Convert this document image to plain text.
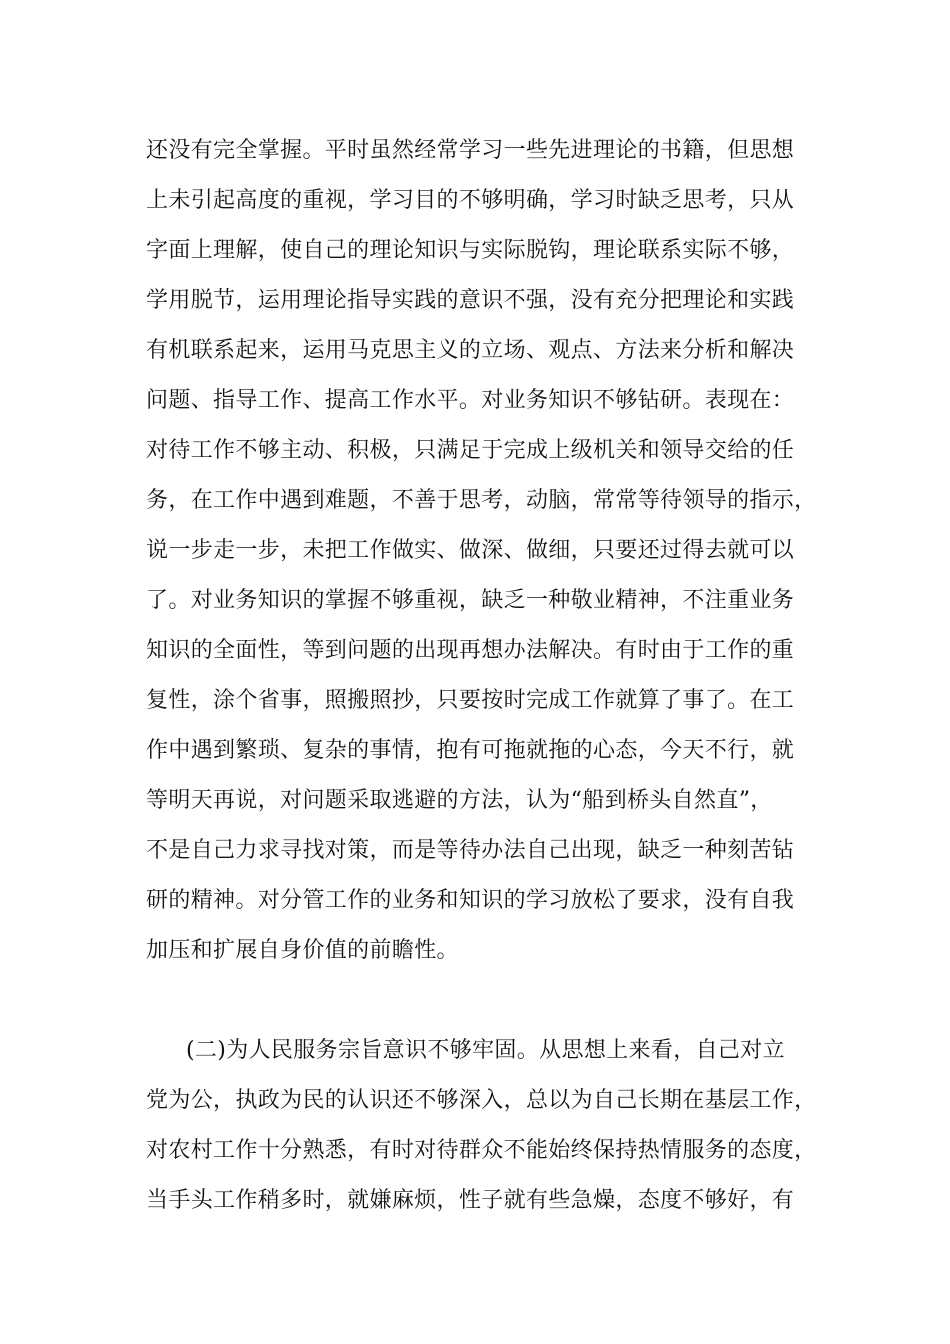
还没有完全掌握。平时虽然经常学习一些先进理论的书籍，但思想
上未引起高度的重视，学习目的不够明确，学习时缺乏思考，只从
字面上理解，使自己的理论知识与实际脱钩，理论联系实际不够，
学用脱节，运用理论指导实践的意识不强，没有充分把理论和实践
有机联系起来，运用马克思主义的立场、观点、方法来分析和解决
问题、指导工作、提高工作水平。对业务知识不够钻研。表现在：
对待工作不够主动、积极，只满足于完成上级机关和领导交给的任
务，在工作中遇到难题，不善于思考，动脑，常常等待领导的指示，
说一步走一步，未把工作做实、做深、做细，只要还过得去就可以
了。对业务知识的掌握不够重视，缺乏一种敬业精神，不注重业务
知识的全面性，等到问题的出现再想办法解决。有时由于工作的重
复性，涂个省事，照搬照抄，只要按时完成工作就算了事了。在工
作中遇到繁琐、复杂的事情，抱有可拖就拖的心态，今天不行，就
等明天再说，对问题采取逃避的方法，认为“船到桥头自然直”，
不是自己力求寻找对策，而是等待办法自己出现，缺乏一种刻苦钻
研的精神。对分管工作的业务和知识的学习放松了要求，没有自我
加压和扩展自身价值的前瞻性。
(二)为人民服务宗旨意识不够牢固。从思想上来看，自己对立
党为公，执政为民的认识还不够深入，总以为自己长期在基层工作，
对农村工作十分熟悉，有时对待群众不能始终保持热情服务的态度，
当手头工作稍多时，就嫌麻烦，性子就有些急燥，态度不够好，有
